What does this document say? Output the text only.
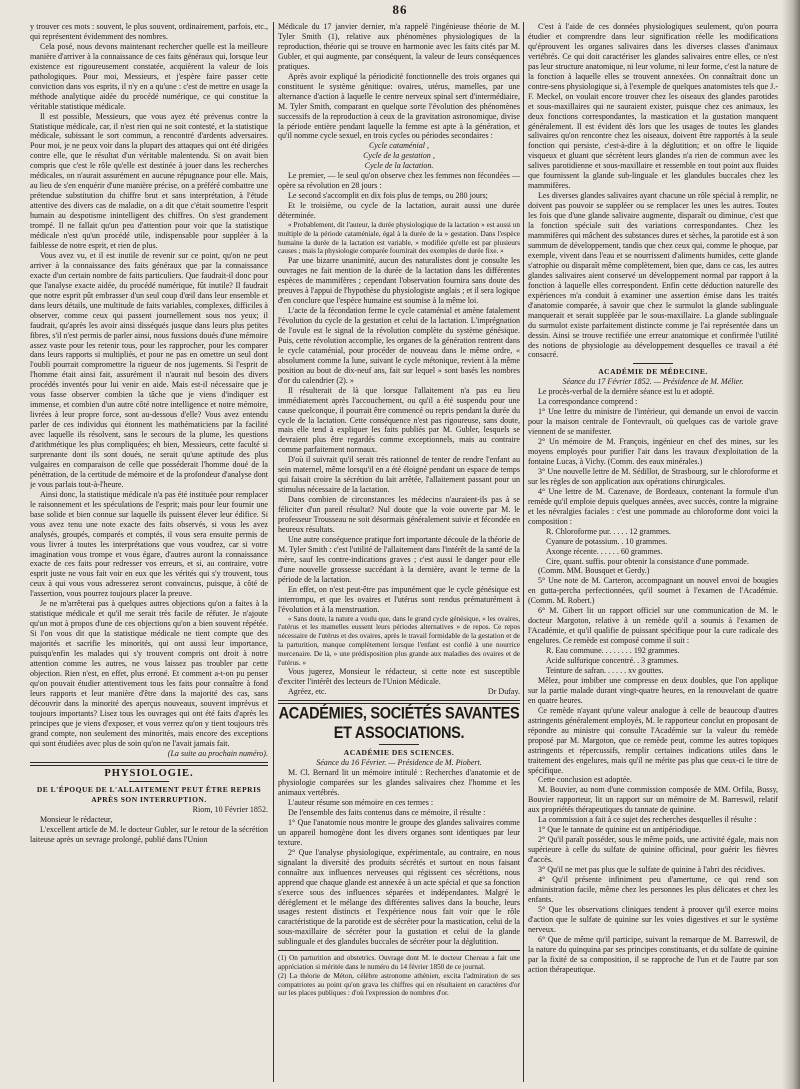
86

y trouver ces mots : souvent, le plus souvent, ordinairement, parfois, etc., qui représentent évidemment des nombres.

Cela posé, nous devons maintenant rechercher quelle est la meilleure manière d'arriver à la connaissance de ces faits généraux qui, lorsque leur existence est rigoureusement constatée, acquièrent la valeur de lois pathologiques. Pour moi, Messieurs, et j'espère faire passer cette conviction dans vos esprits, il n'y en a qu'une : c'est de mettre en usage la méthode analytique aidée du procédé numérique, ce qui constitue la véritable statistique médicale.

Il est possible, Messieurs, que vous ayez été prévenus contre la Statistique médicale, car, il n'est rien qui ne soit contesté, et la statistique médicale, subissant le sort commun, a rencontré d'ardents adversaires. Pour moi, je ne peux voir dans la plupart des attaques qui ont été dirigées contre elle, que le résultat d'un véritable malentendu. Si on avait bien compris que c'est le rôle qu'elle est destinée à jouer dans les recherches médicales, on n'aurait assurément en aucune répugnance pour elle. Mais, au lieu de s'en enquérir d'une manière précise, on a préféré combattre une prétendue substitution du chiffre brut et sans interprétation, à l'étude attentive des divers cas de maladie, on a dit que c'était soumettre l'esprit humain au despotisme inintelligent des chiffres. On s'est grandement trompé. Il ne fallait qu'un peu d'attention pour voir que la statistique médicale n'est qu'un procédé utile, indispensable pour suppléer à la faiblesse de notre esprit, et rien de plus.

Vous avez vu, et il est inutile de revenir sur ce point, qu'on ne peut arriver à la connaissance des faits généraux que par la connaissance exacte d'un certain nombre de faits particuliers. Que faudrait-il donc pour que l'analyse exacte aidée, du procédé numérique, fût inutile? Il faudrait que notre esprit pût embrasser d'un seul coup d'œil dans leur ensemble et dans leurs détails, une multitude de faits variables, complexes, difficiles à observer, comme ceux qui passent journellement sous nos yeux; il faudrait, qu'après les avoir ainsi disséqués jusque dans leurs plus petites fibres, s'il n'est permis de parler ainsi, nous fussions doués d'une mémoire assez vaste pour les retenir tous, pour les rapprocher, pour les comparer dans leurs rapports si multipliés, et pour ne pas en omettre un seul dont l'oubli pourrait compromettre la rigueur de nos jugements. Si l'esprit de l'homme était ainsi fait, assurément il n'aurait nul besoin des divers procédés inventés pour lui venir en aide. Mais est-il nécessaire que je vous fasse observer combien la tâche que je viens d'indiquer est immense, et combien d'un autre côté notre intelligence et notre mémoire, livrées à leur propre force, sont au-dessous d'elle? Vous avez entendu parler de ces individus qui étonnent les mathématiciens par la facilité avec laquelle ils résolvent, sans le secours de la plume, les questions d'arithmétique les plus compliquées; eh bien, Messieurs, cette faculté si surprenante dont ils sont doués, ne serait qu'une aptitude des plus vulgaires en comparaison de celle que posséderait l'homme doué de la pénétration, de la certitude de mémoire et de la profondeur d'analyse dont je vous parlais tout-à-l'heure.

Ainsi donc, la statistique médicale n'a pas été instituée pour remplacer le raisonnement et les spéculations de l'esprit; mais pour leur fournir une base solide et bien connue sur laquelle ils puissent élever leur édifice. Si vous avez tenu une note exacte des faits observés, si vous les avez analysés, groupés, comparés et comptés, il vous sera ensuite permis de vous livrer à toutes les interprétations que vous voudrez, car si votre imagination vous trompe et vous égare, d'autres auront la connaissance exacte de ces faits pour redresser vos erreurs, et si, au contraire, votre esprit juste ne vous fait voir en eux que les vérités qui s'y trouvent, tous ceux à qui vous vous adresserez seront convaincus, puisque, à côté de l'assertion, vous pourrez toujours placer la preuve.

Je ne m'arrêterai pas à quelques autres objections qu'on a faites à la statistique médicale et qu'il me serait très facile de réfuter. Je n'ajoute qu'un mot à propos d'une de ces objections qu'on a bien souvent répétée. Si l'on vous dit que la statistique médicale ne tient compte que des majorités et sacrifie les minorités, qui ont aussi leur importance, puisqu'enfin les malades qui s'y trouvent compris ont droit à notre attention comme les autres, ne vous laissez pas troubler par cette objection. Rien n'est, en effet, plus erroné. Et comment a-t-on pu penser qu'on pouvait étudier attentivement tous les faits pour connaître à fond leurs rapports et leur manière d'être dans la majorité des cas, sans découvrir dans la minorité des aperçus nouveaux, souvent imprévus et toujours importants? Lisez tous les ouvrages qui ont été faits d'après les principes que je viens d'exposer, et vous verrez qu'on y tient toujours très grand compte, non seulement des minorités, mais encore des exceptions qui sont étudiées avec plus de soin qu'on ne l'avait jamais fait.

(La suite au prochain numéro).

PHYSIOLOGIE.
DE L'ÉPOQUE DE L'ALLAITEMENT PEUT ÊTRE REPRIS APRÈS SON INTERRUPTION.

Riom, 10 Février 1852.

Monsieur le rédacteur,

L'excellent article de M. le docteur Gubler, sur le retour de la sécrétion laiteuse après un sevrage prolongé, publié dans l'Union

Médicale du 17 janvier dernier, m'a rappelé l'ingénieuse théorie de M. Tyler Smith (1), relative aux phénomènes physiologiques de la reproduction, théorie qui se trouve en harmonie avec les faits cités par M. Gubler, et qui augmente, par conséquent, la valeur de leurs conséquences pratiques.

Après avoir expliqué la périodicité fonctionnelle des trois organes qui constituent le système génitique: ovaires, utérus, mamelles, par une alternance d'action à laquelle le centre nerveux spinal sert d'intermédiaire, M. Tyler Smith, comparant en quelque sorte l'évolution des phénomènes successifs de la reproduction à ceux de la gravitation astronomique, divise la période entière pendant laquelle la femme est apte à la génération, et qu'il nomme cycle sexuel, en trois cycles ou périodes secondaires :

Cycle cataménial ,

Cycle de la gestation ,

Cycle de la lactation.

Le premier, — le seul qu'on observe chez les femmes non fécondées — opère sa révolution en 28 jours :

Le second s'accomplit en dix fois plus de temps, ou 280 jours;

Et le troisième, ou cycle de la lactation, aurait aussi une durée déterminée.

« Probablement, dit l'auteur, la durée physiologique de la lactation » est aussi un multiple de la période cataméniale, égal à la durée de la » gestation. Dans l'espèce humaine la durée de la lactation est variable, » modifiée qu'elle est par plusieurs causes ; mais la physiologie comparée fournirait des exemples de durée fixe. »

Par une bizarre unanimité, aucun des naturalistes dont je consulte les ouvrages ne fait mention de la durée de la lactation dans les différentes espèces de mammifères ; cependant l'observation fournira sans doute des preuves à l'appui de l'hypothèse du physiologiste anglais ; et il sera logique d'en conclure que l'espèce humaine est soumise à la même loi.

L'acte de la fécondation ferme le cycle cataménial et amène fatalement l'évolution du cycle de la gestation et celui de la lactation. L'imprégnation de l'ovule est le signal de la révolution complète du système génésique. Puis, cette révolution accomplie, les organes de la génération rentrent dans le cycle cataménial, pour procéder de nouveau dans le même ordre, « absolument comme la lune, suivant le cycle métonique, revient à la même position au bout de dix-neuf ans, fait sur lequel » sont basés les nombres d'or du calendrier (2). »

Il résulterait de là que lorsque l'allaitement n'a pas eu lieu immédiatement après l'accouchement, ou qu'il a été suspendu pour une cause quelconque, il pourrait être commencé ou repris pendant la durée du cycle de la lactation. Cette conséquence n'est pas rigoureuse, sans doute, mais elle tend à expliquer les faits publiés par M. Gubler, lesquels se devraient plus être regardés comme exceptionnels, mais au contraire comme parfaitement normaux.

D'où il suivrait qu'il serait très rationnel de tenter de rendre l'enfant au sein maternel, même lorsqu'il en a été éloigné pendant un espace de temps qui faisait croire la sécrétion du lait arrêtée, l'allaitement passant pour un stimulus nécessaire de la lactation.

Dans combien de circonstances les médecins n'auraient-ils pas à se féliciter d'un pareil résultat? Nul doute que la voie ouverte par M. le professeur Trousseau ne soit désormais généralement suivie et fécondée en heureux résultats.

Une autre conséquence pratique fort importante découle de la théorie de M. Tyler Smith : c'est l'utilité de l'allaitement dans l'intérêt de la santé de la mère, sauf les contre-indications graves ; c'est aussi le danger pour elle d'une nouvelle grossesse succédant à la dernière, avant le terme de la période de la lactation.

En effet, on n'est peut-être pas impunément que le cycle génésique est interrompu, et que les ovaires et l'utérus sont rendus prématurément à l'évolution et à la menstruation.

« Sans doute, la nature a voulu que, dans le grand cycle génésique, » les ovaires, l'utérus et les mamelles eussent leurs périodes alternatives » de repos. Ce repos nécessaire de l'utérus et des ovaires, après le travail formidable de la gestation et de la parturition, manque complètement lorsque l'enfant est confié à une nourrice mercenaire. De là, » une prédisposition plus grande aux maladies des ovaires et de l'utérus. »

Vous jugerez, Monsieur le rédacteur, si cette note est susceptible d'exciter l'intérêt des lecteurs de l'Union Médicale.

Agréez, etc.	Dr Dufay.

ACADÉMIES, SOCIÉTÉS SAVANTES ET ASSOCIATIONS.
ACADÉMIE DES SCIENCES.

Séance du 16 Février. — Présidence de M. Piobert.

M. Cl. Bernard lit un mémoire intitulé : Recherches d'anatomie et de physiologie comparées sur les glandes salivaires chez l'homme et les animaux vertébrés.

L'auteur résume son mémoire en ces termes :

De l'ensemble des faits contenus dans ce mémoire, il résulte :

1° Que l'anatomie nous montre le groupe des glandes salivaires comme un appareil homogène dont les divers organes sont identiques par leur texture.

2° Que l'analyse physiologique, expérimentale, au contraire, en nous signalant la diversité des produits sécrétés et surtout en nous faisant connaître aux influences nerveuses qui régissent ces sécrétions, nous apprend que chaque glande est annexée à un acte spécial et que sa fonction s'exerce sous des influences séparées et indépendantes. Malgré le dérèglement et le mélange des différentes salives dans la bouche, leurs usages restent distincts et l'expérience nous fait voir que le rôle caractéristique de la parotide est de sécréter pour la mastication, celui de la sous-maxillaire de sécréter pour la gustation et celui de la glande sublinguale et des glandules buccales de sécréter pour la déglutition.

(1) On parturition and obstetrics. Ouvrage dont M. le docteur Chereau a fait une appréciation si méritée dans le numéro du 14 février 1850 de ce journal.

(2) La théorie de Méton, célèbre astronome athénien, excita l'admiration de ses compatriotes au point qu'on grava les chiffres qui en résultaient en caractères d'or sur les places publiques : d'où l'expression de nombres d'or.

C'est à l'aide de ces données physiologiques seulement, qu'on pourra étudier et comprendre dans leur signification réelle les modifications qu'éprouvent les organes salivaires dans les diverses classes d'animaux vertébrés. Ce qui doit caractériser les glandes salivaires entre elles, ce n'est pas leur structure anatomique, ni leur volume, ni leur forme, c'est la nature de la fonction à laquelle elles se trouvent annexées. On connaîtrait donc un contre-sens physiologique si, à l'exemple de quelques anatomistes tels que J.-F. Meckel, on voulait encore trouver chez les oiseaux des glandes parotides et sous-maxillaires qui ne sauraient exister, puisque chez ces animaux, les deux fonctions correspondantes, la mastication et la gustation manquent généralement. Il est évident dès lors que les usages de toutes les glandes salivaires qu'on rencontre chez les oiseaux, doivent être rapportés à la seule fonction qui persiste, c'est-à-dire à la déglutition; et on offre le liquide visqueux et gluant que sécrètent leurs glandes n'a rien de commun avec les salives parotidienne et sous-maxillaire et ressemble en tout point aux fluides que fournissent la glande sub-linguale et les glandules buccales chez les mammifères.

Les diverses glandes salivaires ayant chacune un rôle spécial à remplir, ne doivent pas pouvoir se suppléer ou se remplacer les unes les autres. Toutes les fois que d'une glande salivaire augmente, disparaît ou diminue, c'est que la fonction spéciale suit des variations correspondantes. Chez les mammifères qui mâchent des substances dures et sèches, la parotide est à son summum de développement, tandis que chez ceux qui, comme le phoque, par exemple, vivent dans l'eau et se nourrissent d'aliments humides, cette glande s'atrophie ou disparaît même complètement, bien que, dans ce cas, les autres glandes salivaires aient conservé un développement normal par rapport à la fonction à laquelle elles correspondent. Enfin cette déduction naturelle des expériences m'a conduit à examiner une assertion émise dans les traités d'anatomie comparée, à savoir que chez le surmulot la glande sublinguale manquerait et serait suppléée par le sous-maxillaire. La glande sublinguale du surmulot existe parfaitement distincte comme je l'ai représentée dans un dessin. Ainsi se trouve rectifiée une erreur anatomique et confirmée l'utilité des notions de physiologie au développement desquelles ce travail a été consacré.

ACADÉMIE DE MÉDECINE.

Séance du 17 Février 1852. — Présidence de M. Mélier.

Le procès-verbal de la dernière séance est lu et adopté.

La correspondance comprend :

1° Une lettre du ministre de l'intérieur, qui demande un envoi de vaccin pour la maison centrale de Fontevrault, où quelques cas de variole grave viennent de se manifester.

2° Un mémoire de M. François, ingénieur en chef des mines, sur les moyens employés pour purifier l'air dans les travaux d'exploitation de la fontaine Lucas, à Vichy. (Comm. des eaux minérales.)

3° Une nouvelle lettre de M. Sédillot, de Strasbourg, sur le chloroforme et sur les règles de son application aux opérations chirurgicales.

4° Une lettre de M. Cazenave, de Bordeaux, contenant la formule d'un remède qu'il emploie depuis quelques années, avec succès, contre la migraine et les névralgies faciales : c'est une pommade au chloroforme dont voici la composition :

R. Chloroforme pur. . . . . 12 grammes.

Cyanure de potassium. . 10 grammes.

Axonge récente. . . . . . 60 grammes.

Cire, quant. suffis. pour obtenir la consistance d'une pommade.

(Comm. MM. Bousquet et Gerdy.)

5° Une note de M. Carteron, accompagnant un nouvel envoi de bougies en gutta-percha perfectionnées, qu'il soumet à l'examen de l'Académie. (Comm. M. Robert.)

6° M. Gibert lit un rapport officiel sur une communication de M. le docteur Margoton, relative à un remède qu'il a soumis à l'examen de l'Académie, et qu'il qualifie de puissant spécifique pour la cure radicale des engelures. Ce remède est composé comme il suit :

R. Eau commune. . . . . . . . 192 grammes.

Acide sulfurique concentré. . 3 grammes.

Teinture de safran. . . . . . xv gouttes.

Mêlez, pour imbiber une compresse en deux doubles, que l'on applique sur la partie malade durant vingt-quatre heures, en la renouvelant de quatre en quatre heures.

Ce remède n'ayant qu'une valeur analogue à celle de beaucoup d'autres astringents généralement employés, M. le rapporteur conclut en proposant de répondre au ministre qui consulte l'Académie sur la valeur du remède proposé par M. Margoton, que ce remède peut, comme les autres topiques astringents et répercussifs, remplir certaines indications utiles dans le traitement des engelures, mais qu'il ne mérite pas plus que ceux-ci le titre de spécifique.

Cette conclusion est adoptée.

M. Bouvier, au nom d'une commission composée de MM. Orfila, Bussy, Bouvier rapporteur, lit un rapport sur un mémoire de M. Barreswil, relatif aux propriétés thérapeutiques du tannate de quinine.

La commission a fait à ce sujet des recherches desquelles il résulte :

1° Que le tannate de quinine est un antipériodique.

2° Qu'il paraît posséder, sous le même poids, une activité égale, mais non supérieure à celle du sulfate de quinine officinal, pour guérir les fièvres d'accès.

3° Qu'il ne met pas plus que le sulfate de quinine à l'abri des récidives.

4° Qu'il présente infiniment peu d'amertume, ce qui rend son administration facile, même chez les personnes les plus délicates et chez les enfants.

5° Que les observations cliniques tendent à prouver qu'il exerce moins d'action que le sulfate de quinine sur les voies digestives et sur le système nerveux.

6° Que de même qu'il participe, suivant la remarque de M. Barreswil, de la nature du quinquina par ses principes constituants, et du sulfate de quinine par la fixité de sa composition, il se rapproche de l'un et de l'autre par son action thérapeutique.
